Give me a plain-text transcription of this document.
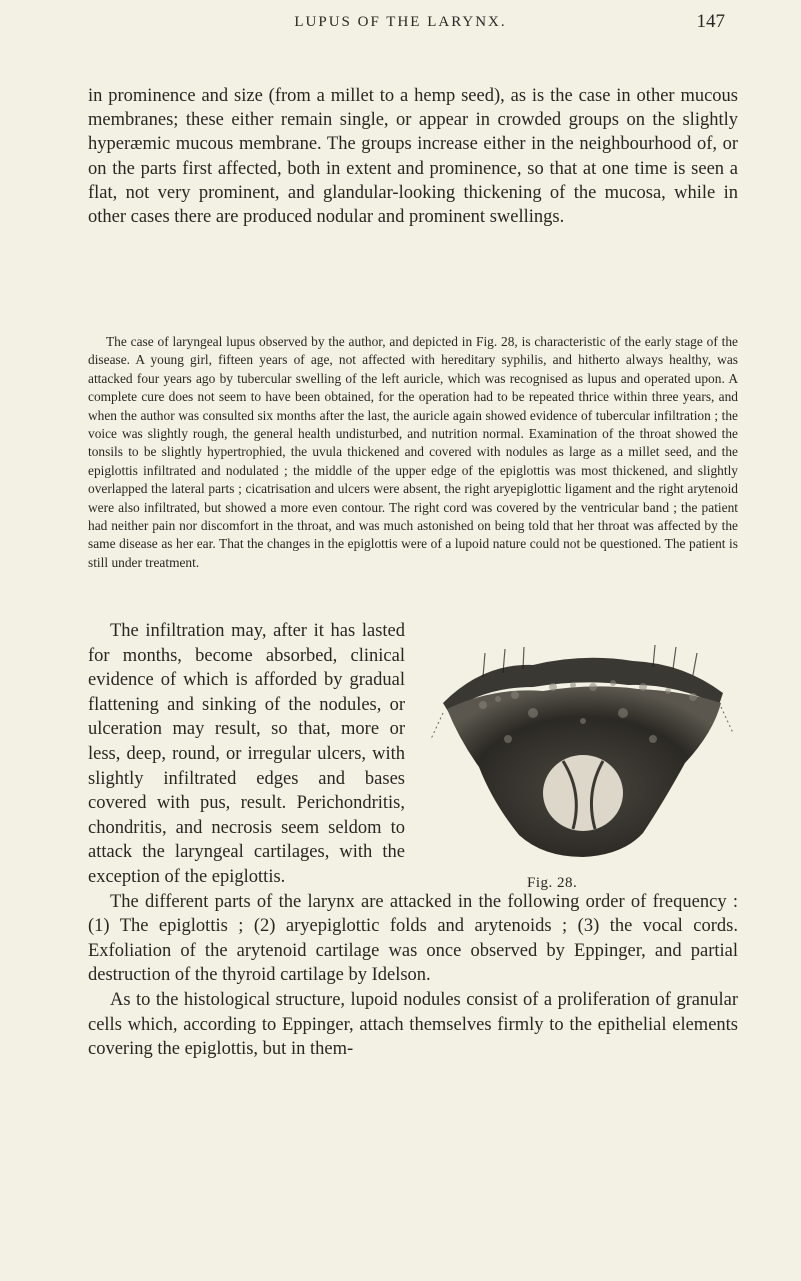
LUPUS OF THE LARYNX.	147

in prominence and size (from a millet to a hemp seed), as is the case in other mucous membranes; these either remain single, or appear in crowded groups on the slightly hyperæmic mucous membrane. The groups increase either in the neighbourhood of, or on the parts first affected, both in extent and prominence, so that at one time is seen a flat, not very prominent, and glandular-looking thickening of the mucosa, while in other cases there are produced nodular and prominent swellings.

The case of laryngeal lupus observed by the author, and depicted in Fig. 28, is characteristic of the early stage of the disease. A young girl, fifteen years of age, not affected with hereditary syphilis, and hitherto always healthy, was attacked four years ago by tubercular swelling of the left auricle, which was recognised as lupus and operated upon. A complete cure does not seem to have been obtained, for the operation had to be repeated thrice within three years, and when the author was consulted six months after the last, the auricle again showed evidence of tubercular infiltration ; the voice was slightly rough, the general health undisturbed, and nutrition normal. Examination of the throat showed the tonsils to be slightly hypertrophied, the uvula thickened and covered with nodules as large as a millet seed, and the epiglottis infiltrated and nodulated ; the middle of the upper edge of the epiglottis was most thickened, and slightly overlapped the lateral parts ; cicatrisation and ulcers were absent, the right aryepiglottic ligament and the right arytenoid were also infiltrated, but showed a more even contour. The right cord was covered by the ventricular band ; the patient had neither pain nor discomfort in the throat, and was much astonished on being told that her throat was affected by the same disease as her ear. That the changes in the epiglottis were of a lupoid nature could not be questioned. The patient is still under treatment.

Fig. 28.

The infiltration may, after it has lasted for months, become absorbed, clinical evidence of which is afforded by gradual flattening and sinking of the nodules, or ulceration may result, so that, more or less, deep, round, or irregular ulcers, with slightly infiltrated edges and bases covered with pus, result. Perichondritis, chondritis, and necrosis seem seldom to attack the laryngeal cartilages, with the exception of the epiglottis.

The different parts of the larynx are attacked in the following order of frequency : (1) The epiglottis ; (2) aryepiglottic folds and arytenoids ; (3) the vocal cords. Exfoliation of the arytenoid cartilage was once observed by Eppinger, and partial destruction of the thyroid cartilage by Idelson.

As to the histological structure, lupoid nodules consist of a proliferation of granular cells which, according to Eppinger, attach themselves firmly to the epithelial elements covering the epiglottis, but in them-
